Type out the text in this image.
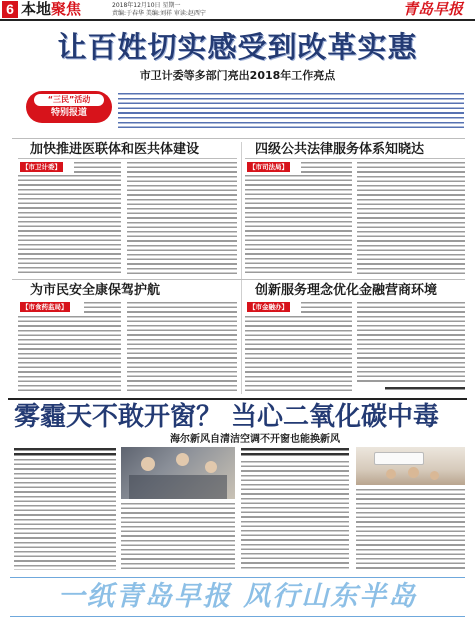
6 本地聚焦	2018年12月10日 星期一
责编:于春华 美编:刘祥 审读:赵西宁	青岛早报
让百姓切实感受到改革实惠
市卫计委等多部门亮出2018年工作亮点
“三民”活动
特别报道
加快推进医联体和医共体建设
【市卫计委】
四级公共法律服务体系知晓达
【市司法局】
为市民安全康保驾护航
【市食药监局】
创新服务理念优化金融营商环境
【市金融办】
雾霾天不敢开窗？ 当心二氧化碳中毒
海尔新风自清洁空调不开窗也能换新风
一纸青岛早报 风行山东半岛
